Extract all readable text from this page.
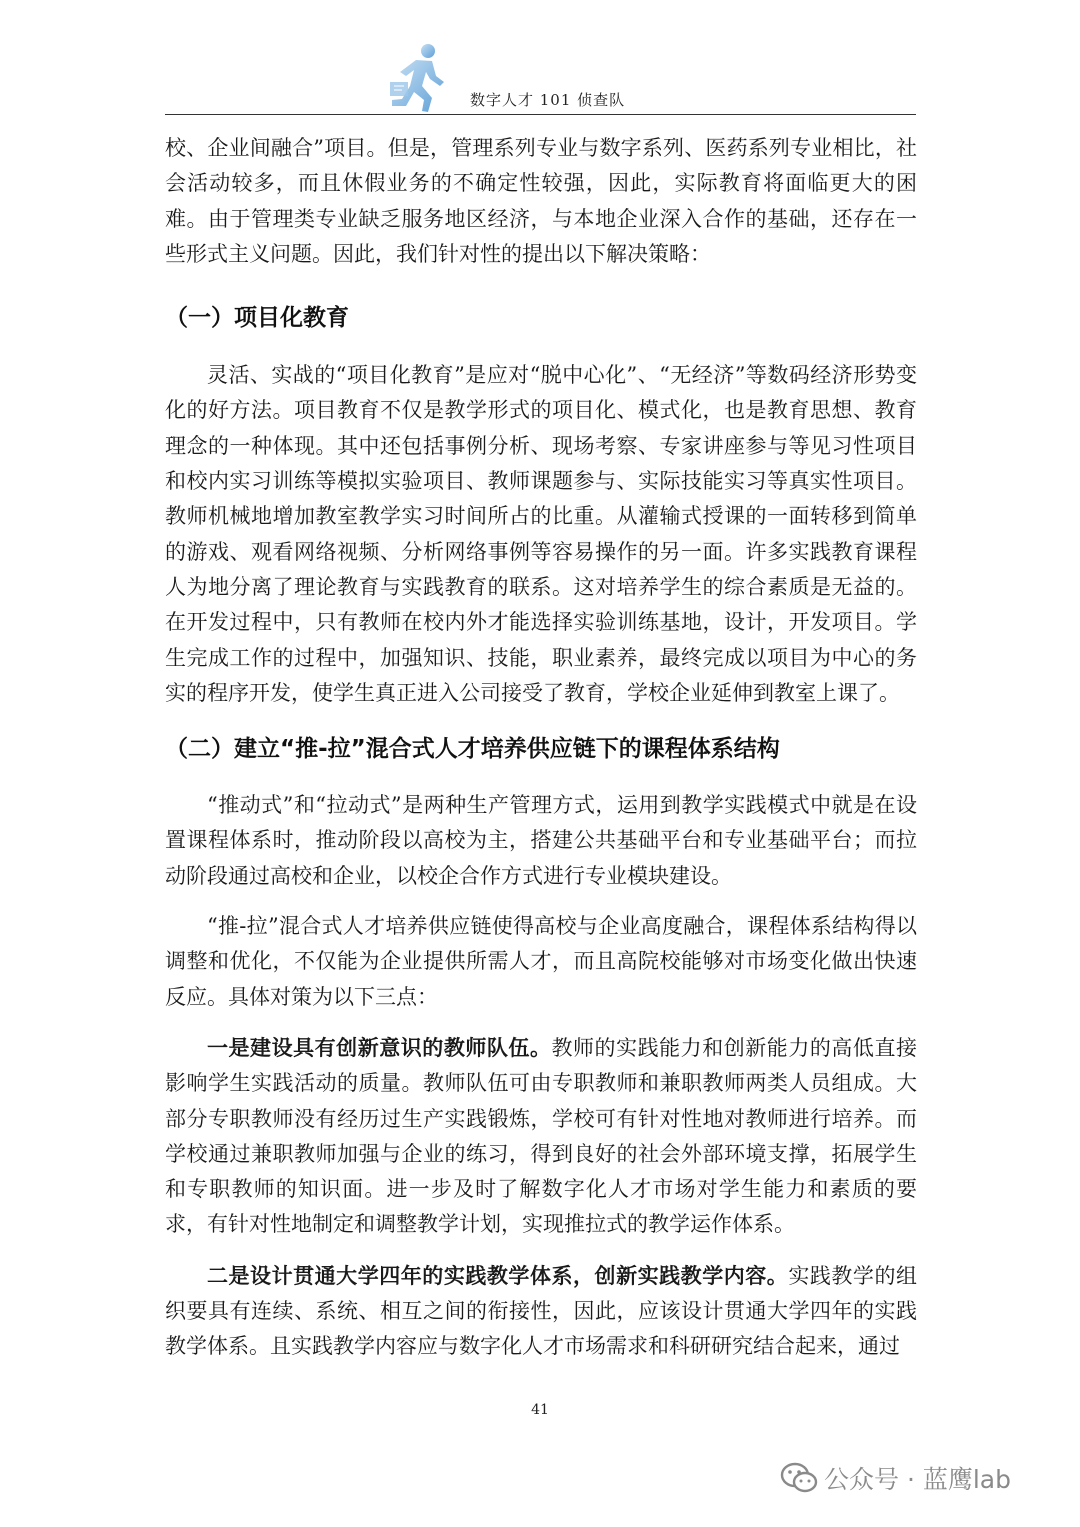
数字人才 101 侦查队

校、企业间融合”项目。但是，管理系列专业与数字系列、医药系列专业相比，社会活动较多，而且休假业务的不确定性较强，因此，实际教育将面临更大的困难。由于管理类专业缺乏服务地区经济，与本地企业深入合作的基础，还存在一些形式主义问题。因此，我们针对性的提出以下解决策略：

（一）项目化教育

灵活、实战的“项目化教育”是应对“脱中心化”、“无经济”等数码经济形势变化的好方法。项目教育不仅是教学形式的项目化、模式化，也是教育思想、教育理念的一种体现。其中还包括事例分析、现场考察、专家讲座参与等见习性项目和校内实习训练等模拟实验项目、教师课题参与、实际技能实习等真实性项目。教师机械地增加教室教学实习时间所占的比重。从灌输式授课的一面转移到简单的游戏、观看网络视频、分析网络事例等容易操作的另一面。许多实践教育课程人为地分离了理论教育与实践教育的联系。这对培养学生的综合素质是无益的。在开发过程中，只有教师在校内外才能选择实验训练基地，设计，开发项目。学生完成工作的过程中，加强知识、技能，职业素养，最终完成以项目为中心的务实的程序开发，使学生真正进入公司接受了教育，学校企业延伸到教室上课了。

（二）建立“推-拉”混合式人才培养供应链下的课程体系结构

“推动式”和“拉动式”是两种生产管理方式，运用到教学实践模式中就是在设置课程体系时，推动阶段以高校为主，搭建公共基础平台和专业基础平台；而拉动阶段通过高校和企业，以校企合作方式进行专业模块建设。

“推-拉”混合式人才培养供应链使得高校与企业高度融合，课程体系结构得以调整和优化，不仅能为企业提供所需人才，而且高院校能够对市场变化做出快速反应。具体对策为以下三点：

一是建设具有创新意识的教师队伍。教师的实践能力和创新能力的高低直接影响学生实践活动的质量。教师队伍可由专职教师和兼职教师两类人员组成。大部分专职教师没有经历过生产实践锻炼，学校可有针对性地对教师进行培养。而学校通过兼职教师加强与企业的练习，得到良好的社会外部环境支撑，拓展学生和专职教师的知识面。进一步及时了解数字化人才市场对学生能力和素质的要求，有针对性地制定和调整教学计划，实现推拉式的教学运作体系。

二是设计贯通大学四年的实践教学体系，创新实践教学内容。实践教学的组织要具有连续、系统、相互之间的衔接性，因此，应该设计贯通大学四年的实践教学体系。且实践教学内容应与数字化人才市场需求和科研研究结合起来，通过

41
公众号 · 蓝鹰lab
